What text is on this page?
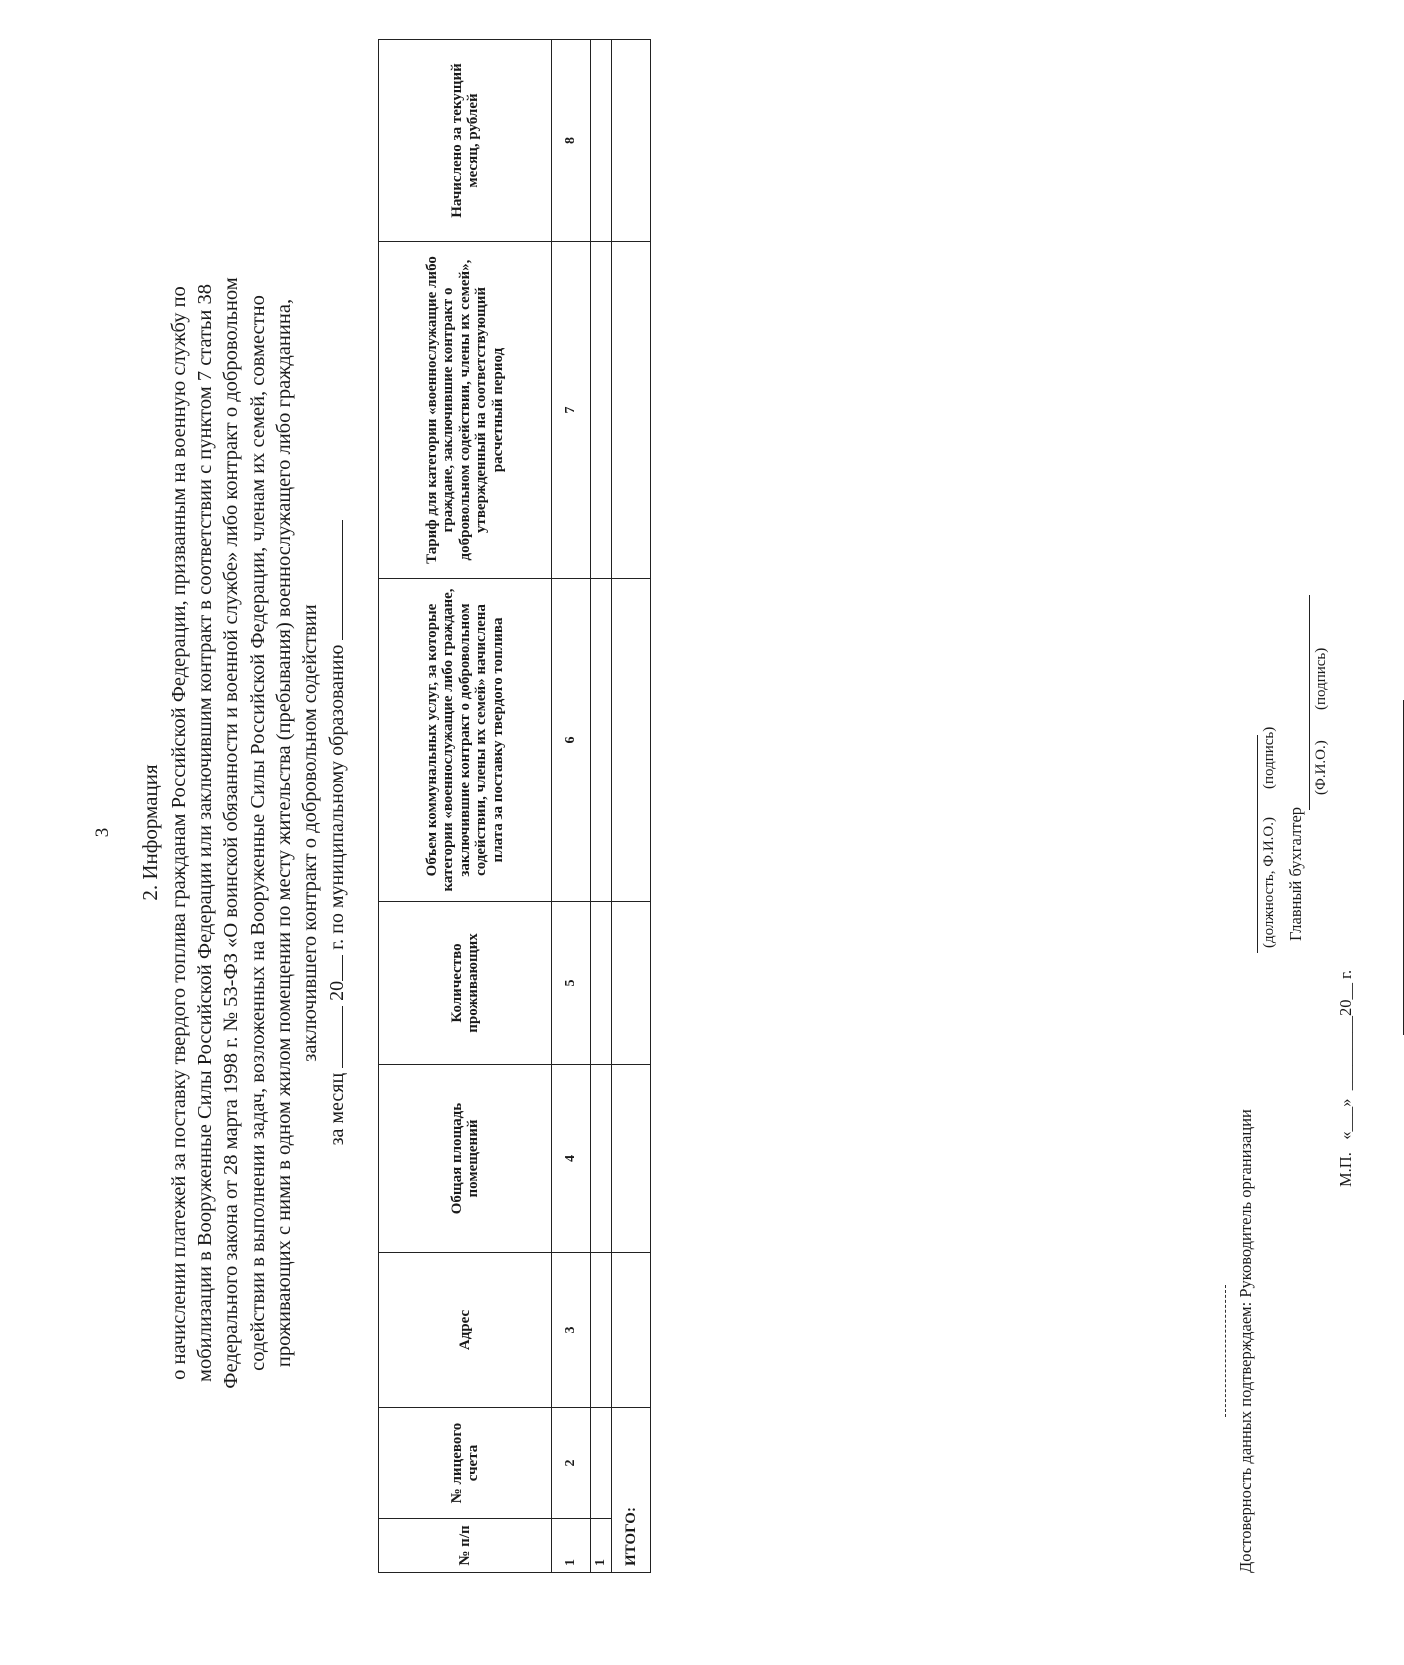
3 2. Информация о начислении платежей за поставку твердого топлива гражданам Российской Федерации, призванным на военную службу по мобилизации в Вооруженные Силы Российской Федерации или заключившим контракт в соответствии с пунктом 7 статьи 38 Федерального закона от 28 марта 1998 г. № 53-ФЗ «О воинской обязанности и военной службе» либо контракт о добровольном содействии в выполнении задач, возложенных на Вооруженные Силы Российской Федерации, членам их семей, совместно проживающих с ними в одном жилом помещении по месту жительства (пребывания) военнослужащего либо гражданина, заключившего контракт о добровольном содействии
за месяц  20 г. по муниципальному образованию
№ п/п	№ лицевого счета	Адрес	Общая площадь помещений	Количество проживающих	Объем коммунальных услуг, за которые категории «военнослужащие либо граждане, заключившие контракт о добровольном содействии, члены их семей» начислена плата за поставку твердого топлива	Тариф для категории «военнослужащие либо граждане, заключившие контракт о добровольном содействии, члены их семей», утвержденный на соответствующий расчетный период	Начислено за текущий месяц, рублей
1	2	3	4	5	6	7	8
1							
ИТОГО:								Достоверность данных подтверждаем: Руководитель организации
(должность, Ф.И.О.)
(подпись)
Главный бухгалтер
(Ф.И.О.)
(подпись)
М.П.   «___»  _________20__ г.
